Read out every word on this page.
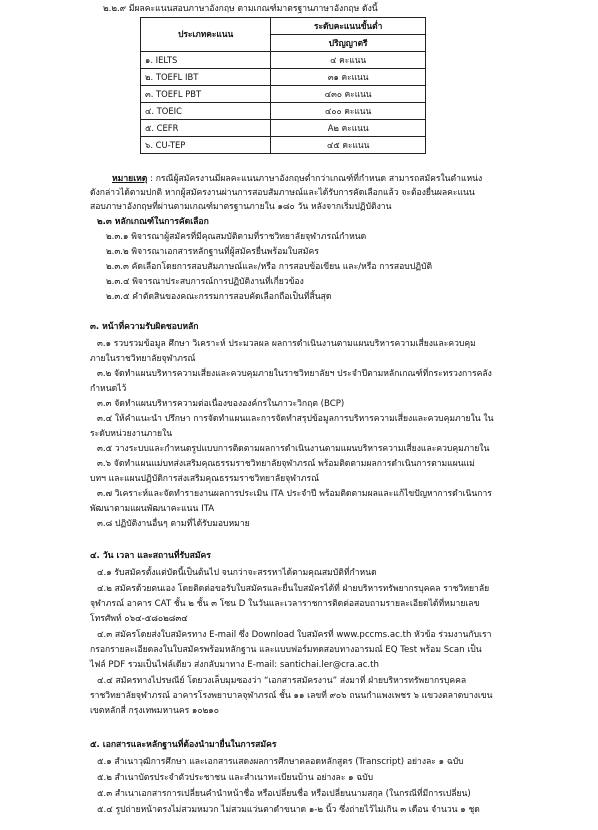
๒.๒.๙ มีผลคะแนนสอบภาษาอังกฤษ ตามเกณฑ์มาตรฐานภาษาอังกฤษ ดังนี้
ประเภทคะแนน	ระดับคะแนนขั้นต่ำ
	ปริญญาตรี
๑. IELTS	๔ คะแนน
๒. TOEFL IBT	๓๑ คะแนน
๓. TOEFL PBT	๔๓๐ คะแนน
๔. TOEIC	๔๐๐ คะแนน
๕. CEFR	A๒ คะแนน
๖. CU-TEP	๔๕ คะแนน
หมายเหตุ : กรณีผู้สมัครงานมีผลคะแนนภาษาอังกฤษต่ำกว่าเกณฑ์ที่กำหนด สามารถสมัครในตำแหน่ง
ดังกล่าวได้ตามปกติ หากผู้สมัครงานผ่านการสอบสัมภาษณ์และได้รับการคัดเลือกแล้ว จะต้องยื่นผลคะแนน
สอบภาษาอังกฤษที่ผ่านตามเกณฑ์มาตรฐานภายใน ๑๘๐ วัน หลังจากเริ่มปฏิบัติงาน
๒.๓ หลักเกณฑ์ในการคัดเลือก
๒.๓.๑ พิจารณาผู้สมัครที่มีคุณสมบัติตามที่ราชวิทยาลัยจุฬาภรณ์กำหนด
๒.๓.๒ พิจารณาเอกสารหลักฐานที่ผู้สมัครยื่นพร้อมใบสมัคร
๒.๓.๓ คัดเลือกโดยการสอบสัมภาษณ์และ/หรือ การสอบข้อเขียน และ/หรือ การสอบปฏิบัติ
๒.๓.๔ พิจารณาประสบการณ์การปฏิบัติงานที่เกี่ยวข้อง
๒.๓.๕ คำตัดสินของคณะกรรมการสอบคัดเลือกถือเป็นที่สิ้นสุด
๓. หน้าที่ความรับผิดชอบหลัก
๓.๑ รวบรวมข้อมูล ศึกษา วิเคราะห์ ประมวลผล ผลการดำเนินงานตามแผนบริหารความเสี่ยงและควบคุม
ภายในราชวิทยาลัยจุฬาภรณ์
๓.๒ จัดทำแผนบริหารความเสี่ยงและควบคุมภายในราชวิทยาลัยฯ ประจำปีตามหลักเกณฑ์ที่กระทรวงการคลัง
กำหนดไว้
๓.๓ จัดทำแผนบริหารความต่อเนื่องขององค์กรในภาวะวิกฤต (BCP)
๓.๔ ให้คำแนะนำ ปรึกษา การจัดทำแผนและการจัดทำสรุปข้อมูลการบริหารความเสี่ยงและควบคุมภายใน ใน
ระดับหน่วยงานภายใน
๓.๕ วางระบบและกำหนดรูปแบบการติดตามผลการดำเนินงานตามแผนบริหารความเสี่ยงและควบคุมภายใน
๓.๖ จัดทำแผนแม่บทส่งเสริมคุณธรรมราชวิทยาลัยจุฬาภรณ์ พร้อมติดตามผลการดำเนินการตามแผนแม่
บทฯ และแผนปฏิบัติการส่งเสริมคุณธรรมราชวิทยาลัยจุฬาภรณ์
๓.๗ วิเคราะห์และจัดทำรายงานผลการประเมิน ITA ประจำปี พร้อมติดตามผลและแก้ไขปัญหาการดำเนินการ
พัฒนาตามแผนพัฒนาคะแนน ITA
๓.๘ ปฏิบัติงานอื่นๆ ตามที่ได้รับมอบหมาย
๔. วัน เวลา และสถานที่รับสมัคร
๔.๑ รับสมัครตั้งแต่บัดนี้เป็นต้นไป จนกว่าจะสรรหาได้ตามคุณสมบัติที่กำหนด
๔.๒ สมัครด้วยตนเอง โดยติดต่อขอรับใบสมัครและยื่นใบสมัครได้ที่ ฝ่ายบริหารทรัพยากรบุคคล ราชวิทยาลัย
จุฬาภรณ์ อาคาร CAT ชั้น ๒ ชั้น ๓ โซน D ในวันและเวลาราชการติดต่อสอบถามรายละเอียดได้ที่หมายเลข
โทรศัพท์ ๐๖๔-๕๘๐๒๘๓๔
๔.๓ สมัครโดยส่งใบสมัครทาง E-mail ซึ่ง Download ใบสมัครที่ www.pccms.ac.th หัวข้อ ร่วมงานกับเรา
กรอกรายละเอียดลงในใบสมัครพร้อมหลักฐาน และแบบฟอร์มทดสอบทางอารมณ์ EQ Test พร้อม Scan เป็น
ไฟล์ PDF รวมเป็นไฟล์เดียว ส่งกลับมาทาง E-mail: santichai.ler@cra.ac.th
๔.๔ สมัครทางไปรษณีย์ โดยวงเล็บมุมซองว่า “เอกสารสมัครงาน” ส่งมาที่ ฝ่ายบริหารทรัพยากรบุคคล
ราชวิทยาลัยจุฬาภรณ์ อาคารโรงพยาบาลจุฬาภรณ์ ชั้น ๑๑ เลขที่ ๙๐๖ ถนนกำแพงเพชร ๖ แขวงตลาดบางเขน
เขตหลักสี่ กรุงเทพมหานคร ๑๐๒๑๐
๕. เอกสารและหลักฐานที่ต้องนำมายื่นในการสมัคร
๕.๑ สำเนาวุฒิการศึกษา และเอกสารแสดงผลการศึกษาตลอดหลักสูตร (Transcript) อย่างละ ๑ ฉบับ
๕.๒ สำเนาบัตรประจำตัวประชาชน และสำเนาทะเบียนบ้าน อย่างละ ๑ ฉบับ
๕.๓ สำเนาเอกสารการเปลี่ยนคำนำหน้าชื่อ หรือเปลี่ยนชื่อ หรือเปลี่ยนนามสกุล (ในกรณีที่มีการเปลี่ยน)
๕.๔ รูปถ่ายหน้าตรงไม่สวมหมวก ไม่สวมแว่นตาดำขนาด ๑-๒ นิ้ว ซึ่งถ่ายไว้ไม่เกิน ๓ เดือน จำนวน ๑ ชุด
